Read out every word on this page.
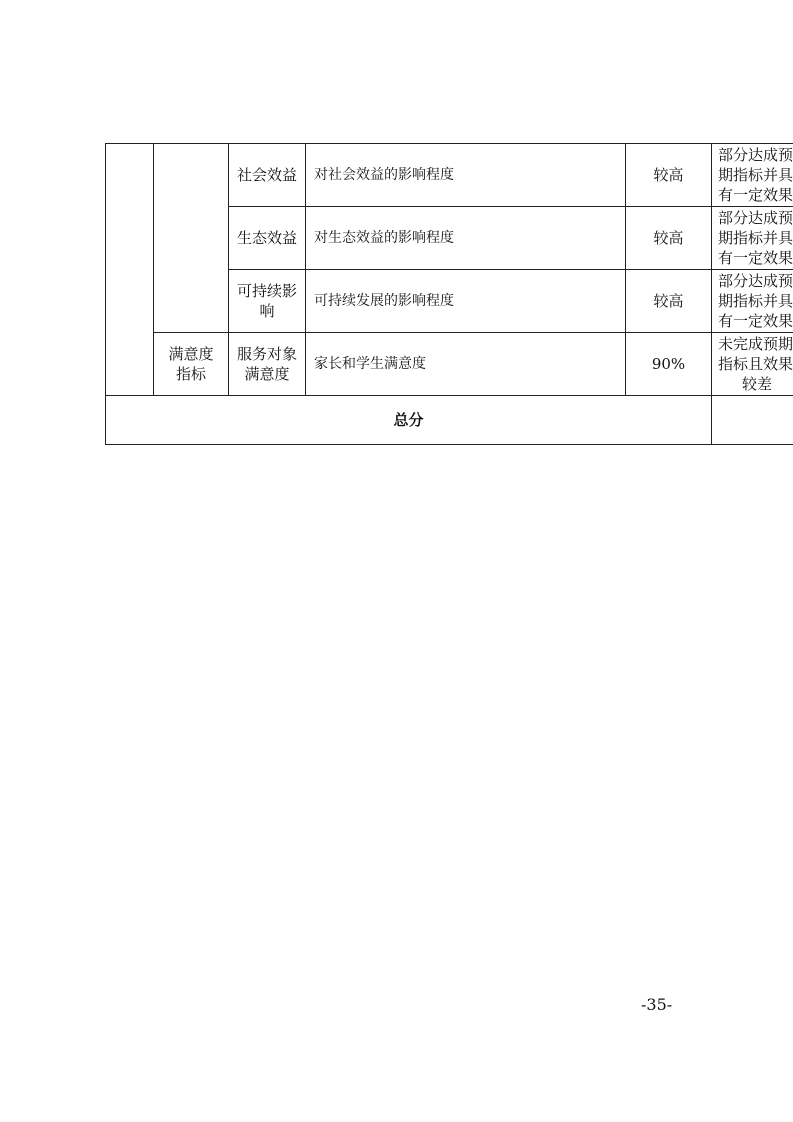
		社会效益	对社会效益的影响程度	较高	部分达成预
期指标并具
有一定效果

		生态效益	对生态效益的影响程度	较高	部分达成预
期指标并具
有一定效果

		可持续影
响	可持续发展的影响程度	较高	部分达成预
期指标并具
有一定效果

	满意度
指标	服务对象
满意度	家长和学生满意度	90%	未完成预期
指标且效果
较差

总分					
-35-
